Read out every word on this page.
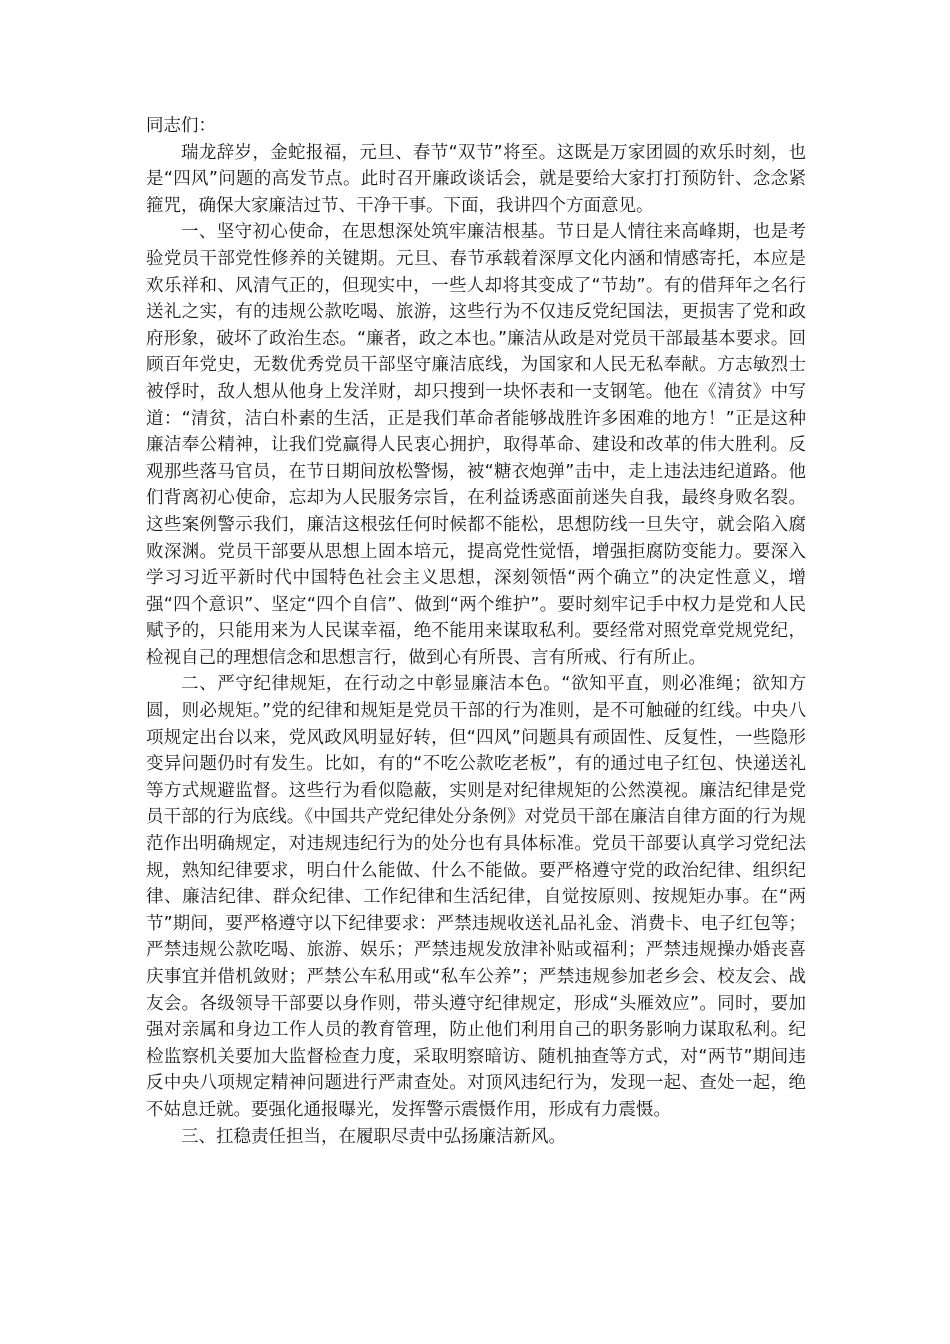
同志们：

瑞龙辞岁，金蛇报福，元旦、春节“双节”将至。这既是万家团圆的欢乐时刻，也是“四风”问题的高发节点。此时召开廉政谈话会，就是要给大家打打预防针、念念紧箍咒，确保大家廉洁过节、干净干事。下面，我讲四个方面意见。

一、坚守初心使命，在思想深处筑牢廉洁根基。节日是人情往来高峰期，也是考验党员干部党性修养的关键期。元旦、春节承载着深厚文化内涵和情感寄托，本应是欢乐祥和、风清气正的，但现实中，一些人却将其变成了“节劫”。有的借拜年之名行送礼之实，有的违规公款吃喝、旅游，这些行为不仅违反党纪国法，更损害了党和政府形象，破坏了政治生态。“廉者，政之本也。”廉洁从政是对党员干部最基本要求。回顾百年党史，无数优秀党员干部坚守廉洁底线，为国家和人民无私奉献。方志敏烈士被俘时，敌人想从他身上发洋财，却只搜到一块怀表和一支钢笔。他在《清贫》中写道：“清贫，洁白朴素的生活，正是我们革命者能够战胜许多困难的地方！”正是这种廉洁奉公精神，让我们党赢得人民衷心拥护，取得革命、建设和改革的伟大胜利。反观那些落马官员，在节日期间放松警惕，被“糖衣炮弹”击中，走上违法违纪道路。他们背离初心使命，忘却为人民服务宗旨，在利益诱惑面前迷失自我，最终身败名裂。这些案例警示我们，廉洁这根弦任何时候都不能松，思想防线一旦失守，就会陷入腐败深渊。党员干部要从思想上固本培元，提高党性觉悟，增强拒腐防变能力。要深入学习习近平新时代中国特色社会主义思想，深刻领悟“两个确立”的决定性意义，增强“四个意识”、坚定“四个自信”、做到“两个维护”。要时刻牢记手中权力是党和人民赋予的，只能用来为人民谋幸福，绝不能用来谋取私利。要经常对照党章党规党纪，检视自己的理想信念和思想言行，做到心有所畏、言有所戒、行有所止。

二、严守纪律规矩，在行动之中彰显廉洁本色。“欲知平直，则必准绳；欲知方圆，则必规矩。”党的纪律和规矩是党员干部的行为准则，是不可触碰的红线。中央八项规定出台以来，党风政风明显好转，但“四风”问题具有顽固性、反复性，一些隐形变异问题仍时有发生。比如，有的“不吃公款吃老板”，有的通过电子红包、快递送礼等方式规避监督。这些行为看似隐蔽，实则是对纪律规矩的公然漠视。廉洁纪律是党员干部的行为底线。《中国共产党纪律处分条例》对党员干部在廉洁自律方面的行为规范作出明确规定，对违规违纪行为的处分也有具体标准。党员干部要认真学习党纪法规，熟知纪律要求，明白什么能做、什么不能做。要严格遵守党的政治纪律、组织纪律、廉洁纪律、群众纪律、工作纪律和生活纪律，自觉按原则、按规矩办事。在“两节”期间，要严格遵守以下纪律要求：严禁违规收送礼品礼金、消费卡、电子红包等；严禁违规公款吃喝、旅游、娱乐；严禁违规发放津补贴或福利；严禁违规操办婚丧喜庆事宜并借机敛财；严禁公车私用或“私车公养”；严禁违规参加老乡会、校友会、战友会。各级领导干部要以身作则，带头遵守纪律规定，形成“头雁效应”。同时，要加强对亲属和身边工作人员的教育管理，防止他们利用自己的职务影响力谋取私利。纪检监察机关要加大监督检查力度，采取明察暗访、随机抽查等方式，对“两节”期间违反中央八项规定精神问题进行严肃查处。对顶风违纪行为，发现一起、查处一起，绝不姑息迁就。要强化通报曝光，发挥警示震慑作用，形成有力震慑。

三、扛稳责任担当，在履职尽责中弘扬廉洁新风。
